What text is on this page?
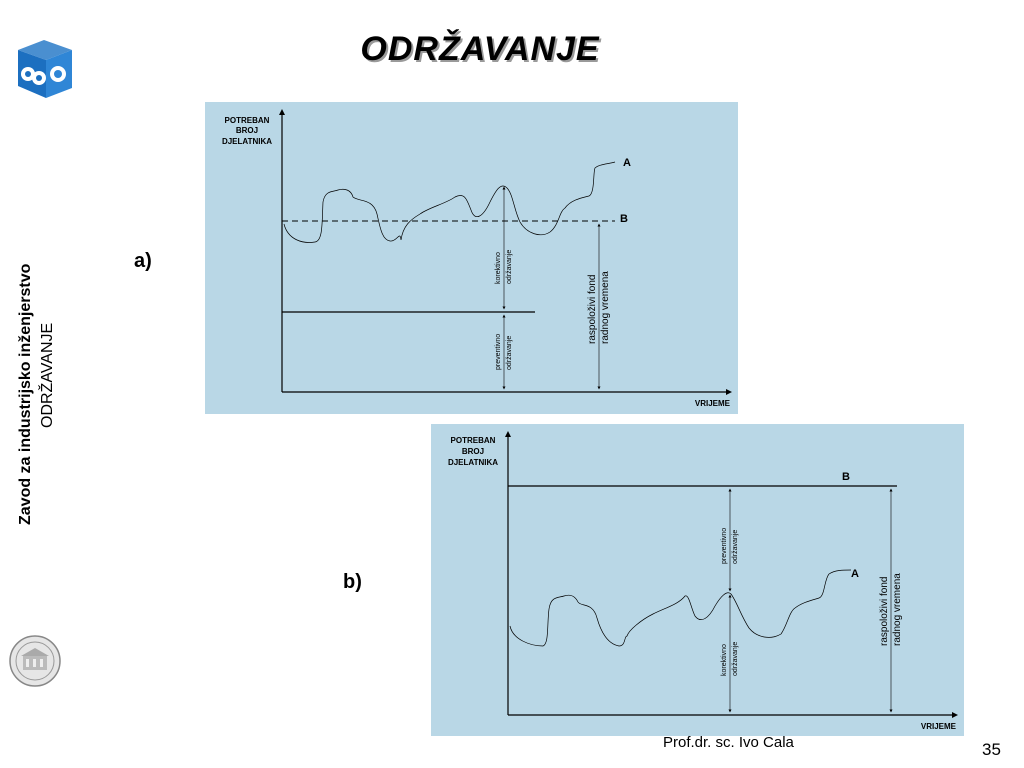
ODRŽAVANJE
Zavod za industrijsko inženjerstvo ODRŽAVANJE
a)
b)
POTREBAN
BROJ
DJELATNIKA
VRIJEME
A
B
korektivno održavanje
preventivno održavanje
raspoloživi fond radnog vremena
POTREBAN
BROJ
DJELATNIKA
VRIJEME
B
A
preventivno održavanje
korektivno održavanje
raspoloživi fond radnog vremena
Prof.dr. sc. Ivo Cala	35
